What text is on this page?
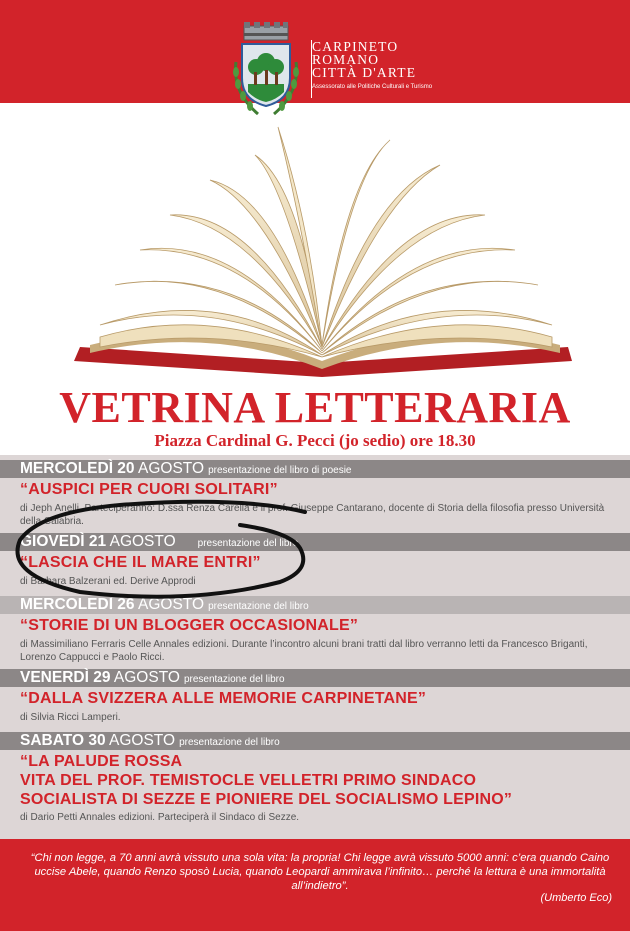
CARPINETO
ROMANO
CITTÀ D'ARTE
Assessorato alle Politiche Culturali e Turismo
VETRINA LETTERARIA
Piazza Cardinal G. Pecci (jo sedio) ore 18.30
MERCOLEDÌ 20 AGOSTO presentazione del libro di poesie
“AUSPICI PER CUORI SOLITARI”
di Jeph Anelli. Parteciperanno: D.ssa Renza Carella e il prof. Giuseppe Cantarano, docente di Storia della filosofia presso Università della Calabria.
GIOVEDÌ 21 AGOSTO presentazione del libro
“LASCIA CHE IL MARE ENTRI”
di Barbara Balzerani ed. Derive Approdi
MERCOLEDÌ 26 AGOSTO presentazione del libro
“STORIE DI UN BLOGGER OCCASIONALE”
di Massimiliano Ferraris Celle Annales edizioni. Durante l’incontro alcuni brani tratti dal libro verranno letti da Francesco Briganti, Lorenzo Cappucci e Paolo Ricci.
VENERDÌ 29 AGOSTO presentazione del libro
“DALLA SVIZZERA ALLE MEMORIE CARPINETANE”
di Silvia Ricci Lamperi.
SABATO 30 AGOSTO presentazione del libro
“LA PALUDE ROSSA
VITA DEL PROF. TEMISTOCLE VELLETRI PRIMO SINDACO
SOCIALISTA DI SEZZE E PIONIERE DEL SOCIALISMO LEPINO”
di Dario Petti Annales edizioni. Parteciperà il Sindaco di Sezze.
“Chi non legge, a 70 anni avrà vissuto una sola vita: la propria! Chi legge avrà vissuto 5000 anni: c’era quando Caino uccise Abele, quando Renzo sposò Lucia, quando Leopardi ammirava l’infinito… perché la lettura è una immortalità all’indietro”.
(Umberto Eco)
